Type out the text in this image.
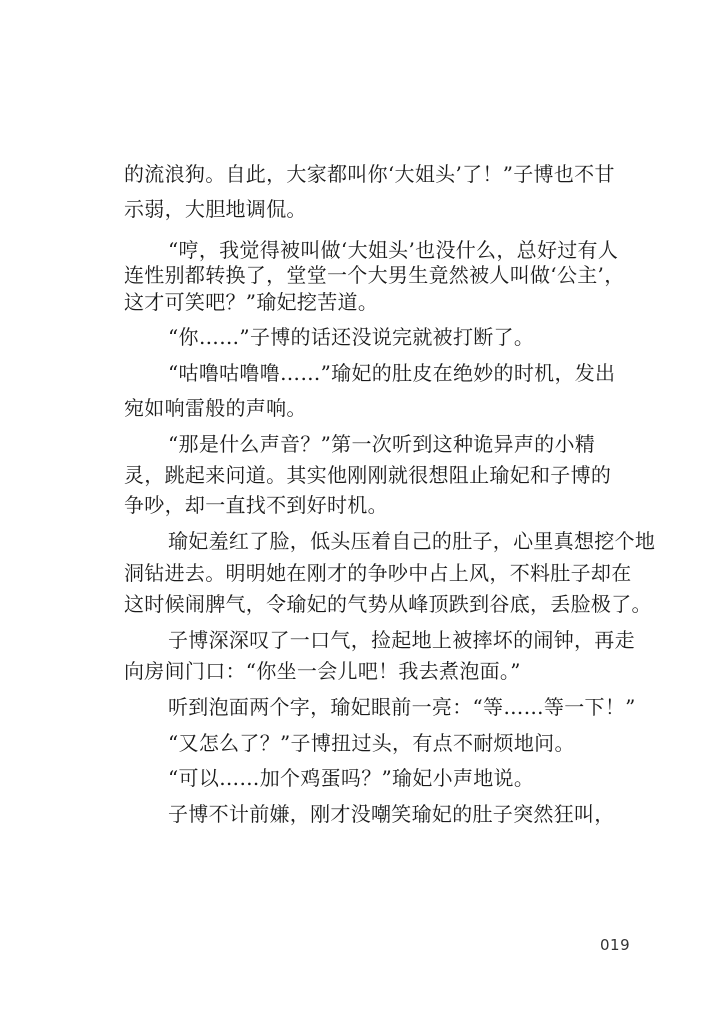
的流浪狗。自此，大家都叫你‘大姐头’了！”子博也不甘
示弱，大胆地调侃。
“哼，我觉得被叫做‘大姐头’也没什么，总好过有人
连性别都转换了，堂堂一个大男生竟然被人叫做‘公主’，
这才可笑吧？”瑜妃挖苦道。
“你……”子博的话还没说完就被打断了。
“咕噜咕噜噜……”瑜妃的肚皮在绝妙的时机，发出
宛如响雷般的声响。
“那是什么声音？”第一次听到这种诡异声的小精
灵，跳起来问道。其实他刚刚就很想阻止瑜妃和子博的
争吵，却一直找不到好时机。
瑜妃羞红了脸，低头压着自己的肚子，心里真想挖个地
洞钻进去。明明她在刚才的争吵中占上风，不料肚子却在
这时候闹脾气，令瑜妃的气势从峰顶跌到谷底，丢脸极了。
子博深深叹了一口气，捡起地上被摔坏的闹钟，再走
向房间门口：“你坐一会儿吧！我去煮泡面。”
听到泡面两个字，瑜妃眼前一亮：“等……等一下！”
“又怎么了？”子博扭过头，有点不耐烦地问。
“可以……加个鸡蛋吗？”瑜妃小声地说。
子博不计前嫌，刚才没嘲笑瑜妃的肚子突然狂叫，
019
